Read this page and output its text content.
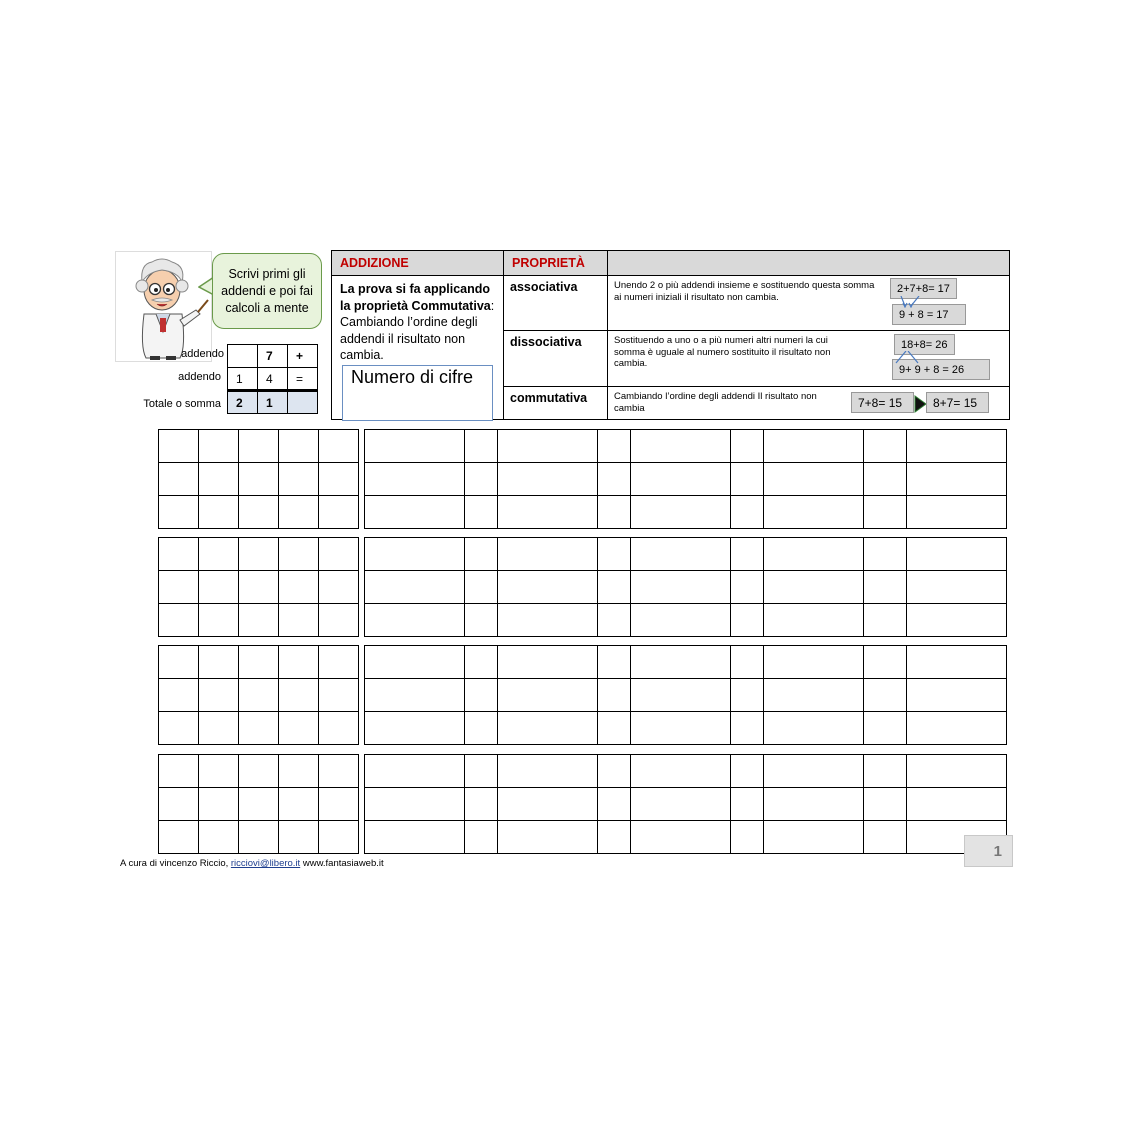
Scrivi primi gli addendi e poi fai calcoli a mente
addendo
addendo
Totale o somma
	7	+
1	4	=
2	1	
ADDIZIONE	PROPRIETÀ	
La prova si fa applicando la proprietà Commutativa: Cambiando l’ordine degli addendi il risultato non cambia.	associativa	Unendo 2 o più addendi insieme e sostituendo questa somma ai numeri iniziali il risultato non cambia.
2+7+8= 17
9 + 8 = 17

	dissociativa	Sostituendo a uno o a più numeri altri numeri la cui somma è uguale al numero sostituito il risultato non cambia.
18+8= 26
9+ 9 + 8 = 26

	commutativa	Cambiando l’ordine degli addendi Il risultato non cambia 7+8= 15 8+7= 15
Numero di cifre

A cura di vincenzo Riccio, ricciovi@libero.it www.fantasiaweb.it
1
